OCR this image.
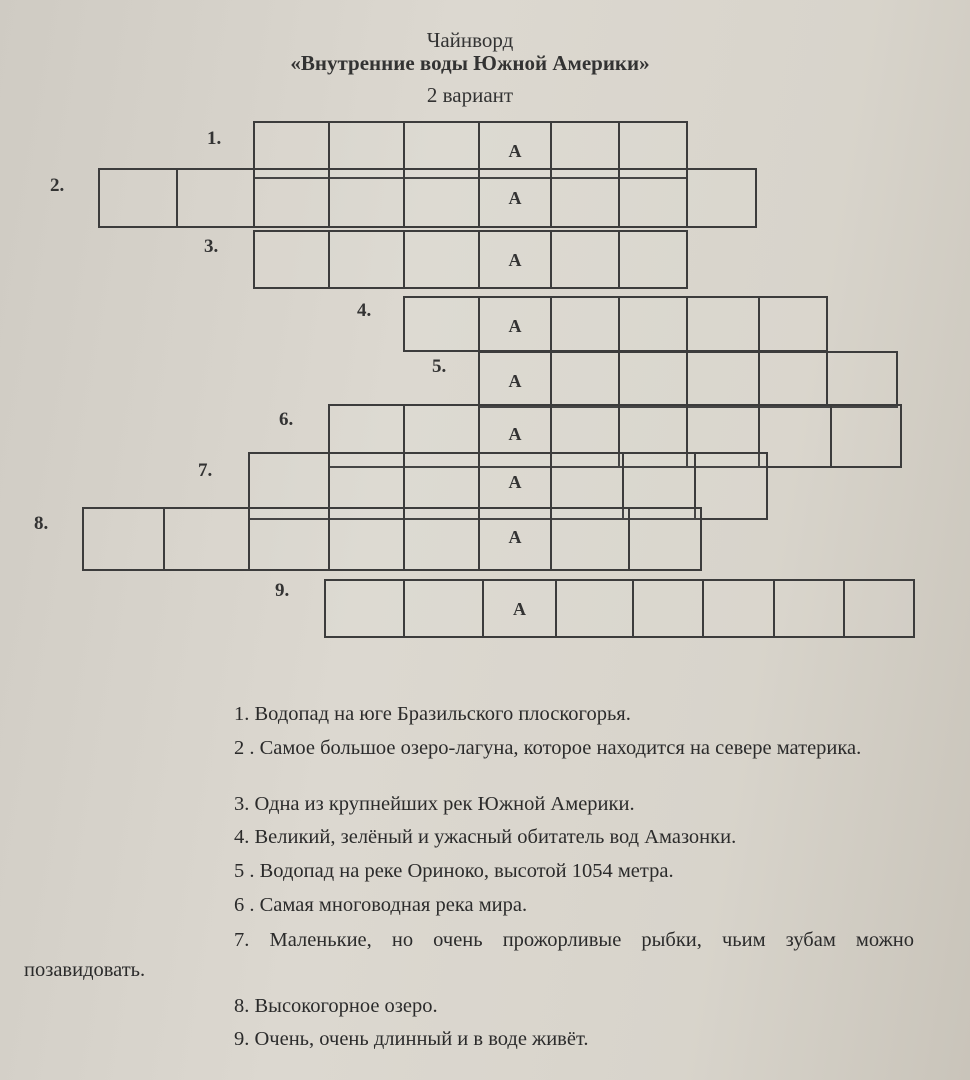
Чайнворд
«Внутренние воды Южной Америки»
2 вариант
1.
А
2.
А
3.
А
4.
А
5.
А
6.
А
7.
А
8.
А
9.
А
1. Водопад на юге Бразильского плоскогорья.
2 . Самое большое озеро-лагуна, которое находится на севере материка.
3. Одна из крупнейших рек Южной Америки.
4. Великий, зелёный и ужасный обитатель вод Амазонки.
5 . Водопад на реке Ориноко, высотой 1054 метра.
6 . Самая многоводная река мира.
7. Маленькие, но очень прожорливые рыбки, чьим зубам можно позавидовать.
8. Высокогорное озеро.
9. Очень, очень длинный и в воде живёт.
